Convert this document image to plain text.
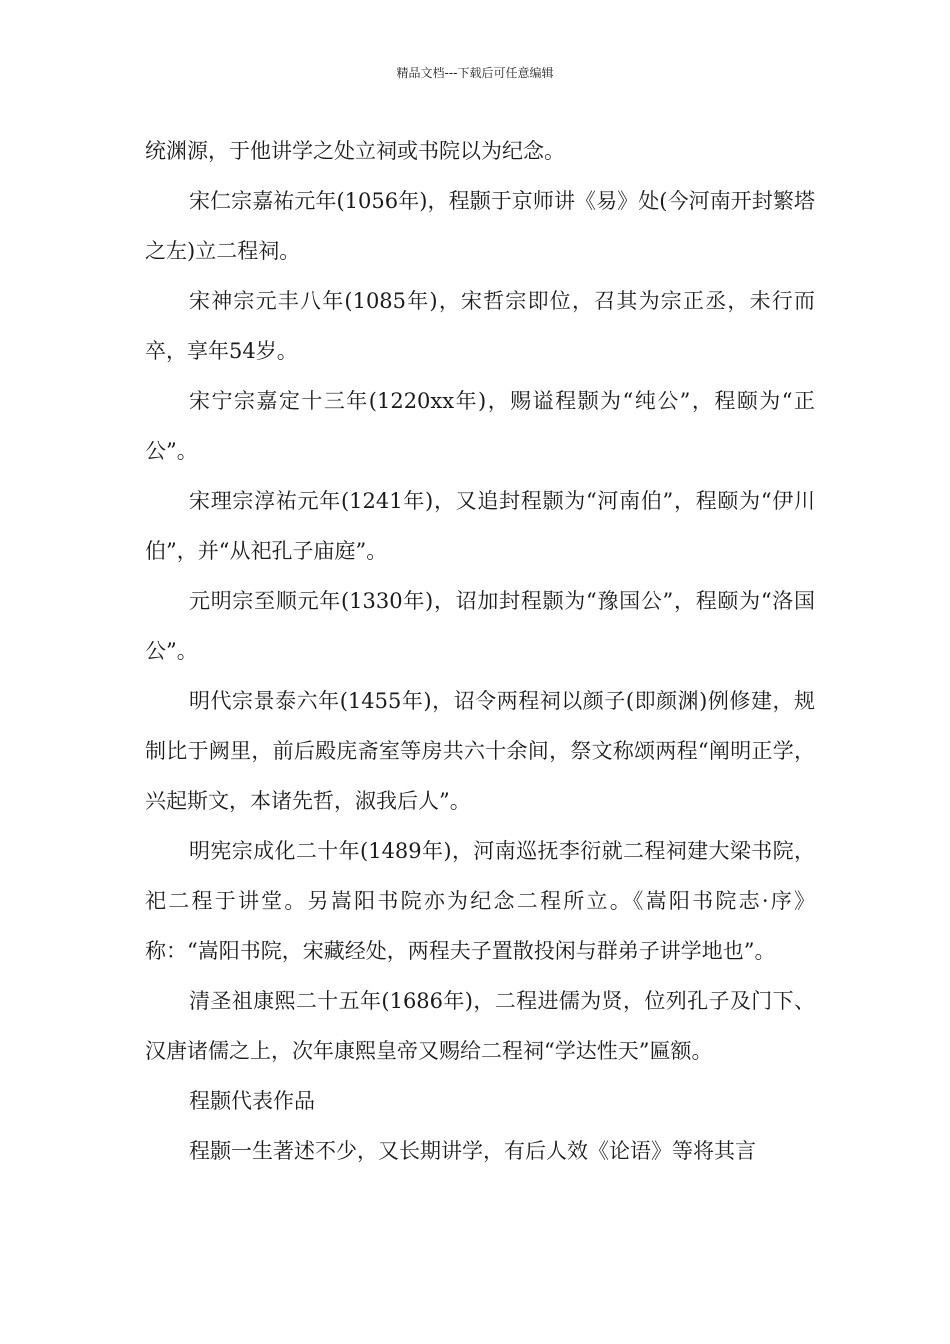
精品文档---下载后可任意编辑

统渊源，于他讲学之处立祠或书院以为纪念。

宋仁宗嘉祐元年(1056年)，程颢于京师讲《易》处(今河南开封繁塔之左)立二程祠。

宋神宗元丰八年(1085年)，宋哲宗即位，召其为宗正丞，未行而卒，享年54岁。

宋宁宗嘉定十三年(1220xx年)，赐谥程颢为“纯公”，程颐为“正公”。

宋理宗淳祐元年(1241年)，又追封程颢为“河南伯”，程颐为“伊川伯”，并“从祀孔子庙庭”。

元明宗至顺元年(1330年)，诏加封程颢为“豫国公”，程颐为“洛国公”。

明代宗景泰六年(1455年)，诏令两程祠以颜子(即颜渊)例修建，规制比于阙里，前后殿庑斋室等房共六十余间，祭文称颂两程“阐明正学，兴起斯文，本诸先哲，淑我后人”。

明宪宗成化二十年(1489年)，河南巡抚李衍就二程祠建大梁书院，祀二程于讲堂。另嵩阳书院亦为纪念二程所立。《嵩阳书院志·序》称：“嵩阳书院，宋藏经处，两程夫子置散投闲与群弟子讲学地也”。

清圣祖康熙二十五年(1686年)，二程进儒为贤，位列孔子及门下、汉唐诸儒之上，次年康熙皇帝又赐给二程祠“学达性天”匾额。

程颢代表作品

程颢一生著述不少，又长期讲学，有后人效《论语》等将其言
